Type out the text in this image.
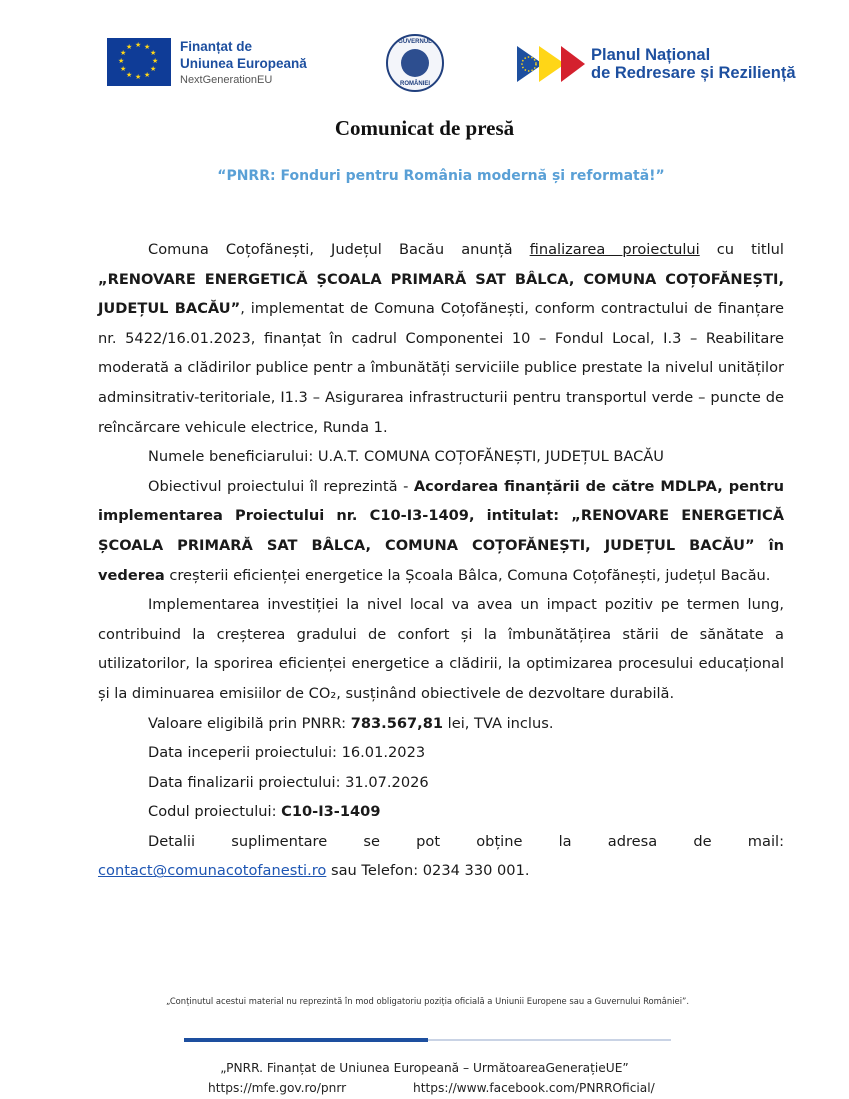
★ ★
★
★
★
★
★
★
★
★
★
★	Finanțat de
Uniunea Europeană
NextGenerationEU
GUVERNUL
ROMÂNIEI
Planul Național
de Redresare și Reziliență
Comunicat de presă
“PNRR: Fonduri pentru România modernă și reformată!”

Comuna Coțofănești, Județul Bacău anunță finalizarea proiectului cu titlul „RENOVARE ENERGETICĂ ȘCOALA PRIMARĂ SAT BÂLCA, COMUNA COȚOFĂNEȘTI, JUDEȚUL BACĂU”, implementat de Comuna Coțofănești, conform contractului de finanțare nr. 5422/16.01.2023, finanțat în cadrul Componentei 10 – Fondul Local, I.3 – Reabilitare moderată a clădirilor publice pentr a îmbunătăți serviciile publice prestate la nivelul unităților adminsitrativ-teritoriale, I1.3 – Asigurarea infrastructurii pentru transportul verde – puncte de reîncărcare vehicule electrice, Runda 1.

Numele beneficiarului: U.A.T. COMUNA COȚOFĂNEȘTI, JUDEȚUL BACĂU

Obiectivul proiectului îl reprezintă - Acordarea finanțării de către MDLPA, pentru implementarea Proiectului nr. C10-I3-1409, intitulat: „RENOVARE ENERGETICĂ ȘCOALA PRIMARĂ SAT BÂLCA, COMUNA COȚOFĂNEȘTI, JUDEȚUL BACĂU” în vederea creșterii eficienței energetice la Școala Bâlca, Comuna Coțofănești, județul Bacău.

Implementarea investiției la nivel local va avea un impact pozitiv pe termen lung, contribuind la creșterea gradului de confort și la îmbunătățirea stării de sănătate a utilizatorilor, la sporirea eficienței energetice a clădirii, la optimizarea procesului educațional și la diminuarea emisiilor de CO₂, susținând obiectivele de dezvoltare durabilă.

Valoare eligibilă prin PNRR: 783.567,81 lei, TVA inclus.

Data inceperii proiectului: 16.01.2023

Data finalizarii proiectului: 31.07.2026

Codul proiectului: C10-I3-1409

Detalii suplimentare se pot obține la adresa de mail:

contact@comunacotofanesti.ro sau Telefon: 0234 330 001.

„Conținutul acestui material nu reprezintă în mod obligatoriu poziția oficială a Uniunii Europene sau a Guvernului României”.
„PNRR. Finanțat de Uniunea Europeană – UrmătoareaGenerațieUE”
https://mfe.gov.ro/pnrr	https://www.facebook.com/PNRROficial/
